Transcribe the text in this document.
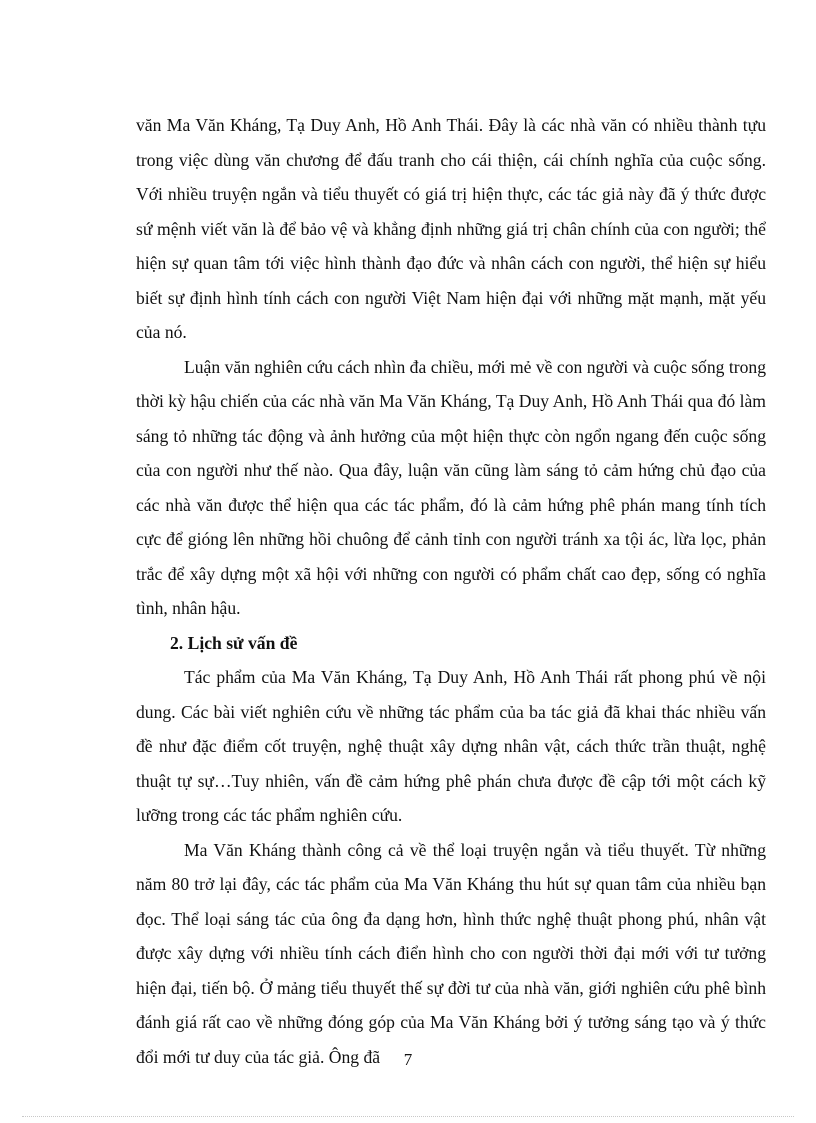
văn Ma Văn Kháng, Tạ Duy Anh, Hồ Anh Thái. Đây là các nhà văn có nhiều thành tựu trong việc dùng văn chương để đấu tranh cho cái thiện, cái chính nghĩa của cuộc sống. Với nhiều truyện ngắn và tiểu thuyết có giá trị hiện thực, các tác giả này đã ý thức được sứ mệnh viết văn là để bảo vệ và khẳng định những giá trị chân chính của con người; thể hiện sự quan tâm tới việc hình thành đạo đức và nhân cách con người, thể hiện sự hiểu biết sự định hình tính cách con người Việt Nam hiện đại với những mặt mạnh, mặt yếu của nó.

Luận văn nghiên cứu cách nhìn đa chiều, mới mẻ về con người và cuộc sống trong thời kỳ hậu chiến của các nhà văn Ma Văn Kháng, Tạ Duy Anh, Hồ Anh Thái qua đó làm sáng tỏ những tác động và ảnh hưởng của một hiện thực còn ngổn ngang đến cuộc sống của con người như thế nào. Qua đây, luận văn cũng làm sáng tỏ cảm hứng chủ đạo của các nhà văn được thể hiện qua các tác phẩm, đó là cảm hứng phê phán mang tính tích cực để gióng lên những hồi chuông để cảnh tỉnh con người tránh xa tội ác, lừa lọc, phản trắc để xây dựng một xã hội với những con người có phẩm chất cao đẹp, sống có nghĩa tình, nhân hậu.

2. Lịch sử vấn đề

Tác phẩm của Ma Văn Kháng, Tạ Duy Anh, Hồ Anh Thái rất phong phú về nội dung. Các bài viết nghiên cứu về những tác phẩm của ba tác giả đã khai thác nhiều vấn đề như đặc điểm cốt truyện, nghệ thuật xây dựng nhân vật, cách thức trần thuật, nghệ thuật tự sự…Tuy nhiên, vấn đề cảm hứng phê phán chưa được đề cập tới một cách kỹ lưỡng trong các tác phẩm nghiên cứu.

Ma Văn Kháng thành công cả về thể loại truyện ngắn và tiểu thuyết. Từ những năm 80 trở lại đây, các tác phẩm của Ma Văn Kháng thu hút sự quan tâm của nhiều bạn đọc. Thể loại sáng tác của ông đa dạng hơn, hình thức nghệ thuật phong phú, nhân vật được xây dựng với nhiều tính cách điển hình cho con người thời đại mới với tư tưởng hiện đại, tiến bộ. Ở mảng tiểu thuyết thế sự đời tư của nhà văn, giới nghiên cứu phê bình đánh giá rất cao về những đóng góp của Ma Văn Kháng bởi ý tưởng sáng tạo và ý thức đổi mới tư duy của tác giả. Ông đã	7
